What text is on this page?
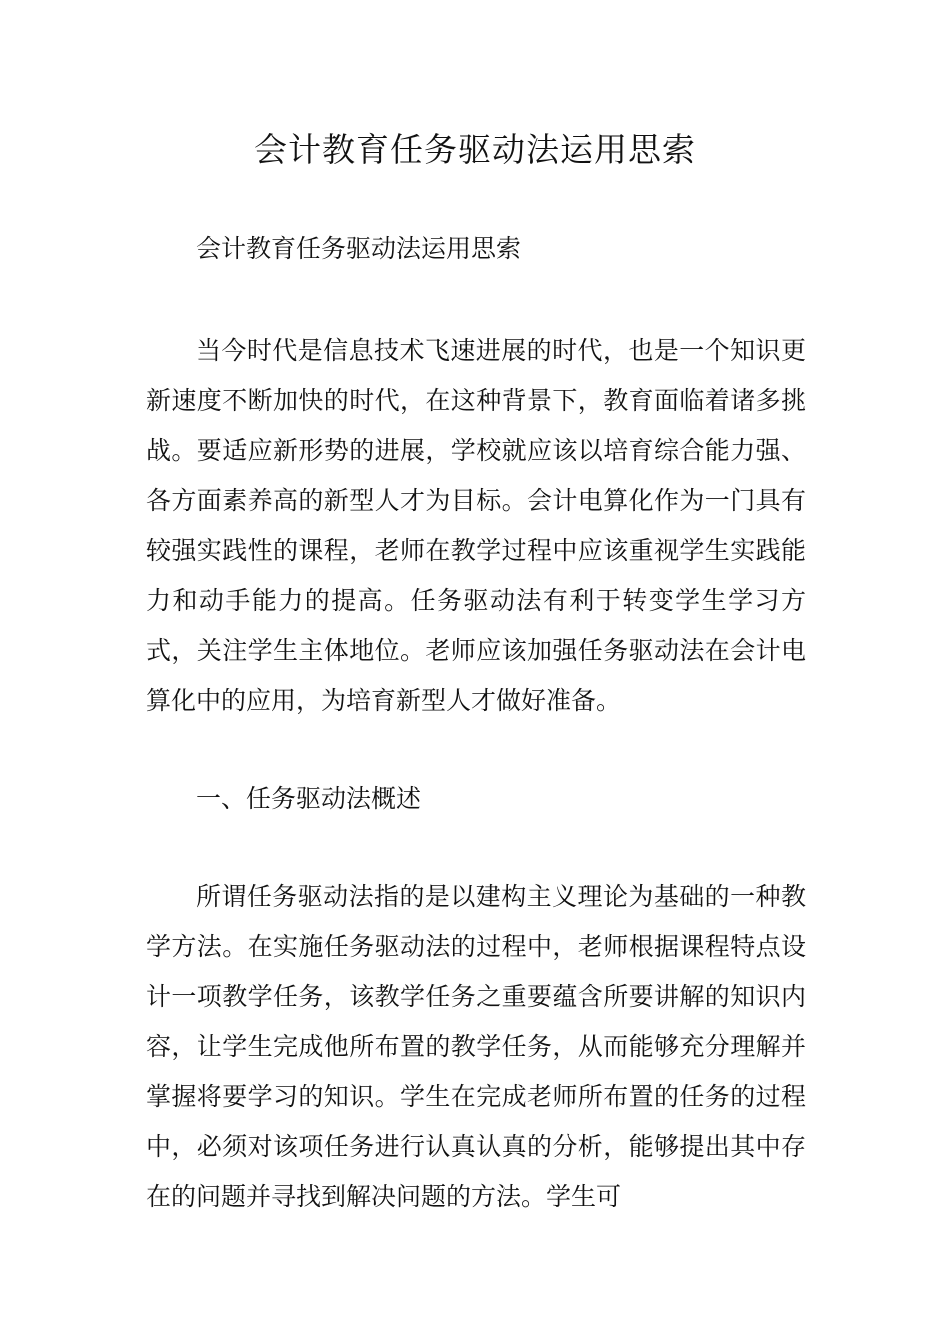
会计教育任务驱动法运用思索

会计教育任务驱动法运用思索

当今时代是信息技术飞速进展的时代，也是一个知识更新速度不断加快的时代，在这种背景下，教育面临着诸多挑战。要适应新形势的进展，学校就应该以培育综合能力强、各方面素养高的新型人才为目标。会计电算化作为一门具有较强实践性的课程，老师在教学过程中应该重视学生实践能力和动手能力的提高。任务驱动法有利于转变学生学习方式，关注学生主体地位。老师应该加强任务驱动法在会计电算化中的应用，为培育新型人才做好准备。

一、任务驱动法概述

所谓任务驱动法指的是以建构主义理论为基础的一种教学方法。在实施任务驱动法的过程中，老师根据课程特点设计一项教学任务，该教学任务之重要蕴含所要讲解的知识内容，让学生完成他所布置的教学任务，从而能够充分理解并掌握将要学习的知识。学生在完成老师所布置的任务的过程中，必须对该项任务进行认真认真的分析，能够提出其中存在的问题并寻找到解决问题的方法。学生可
